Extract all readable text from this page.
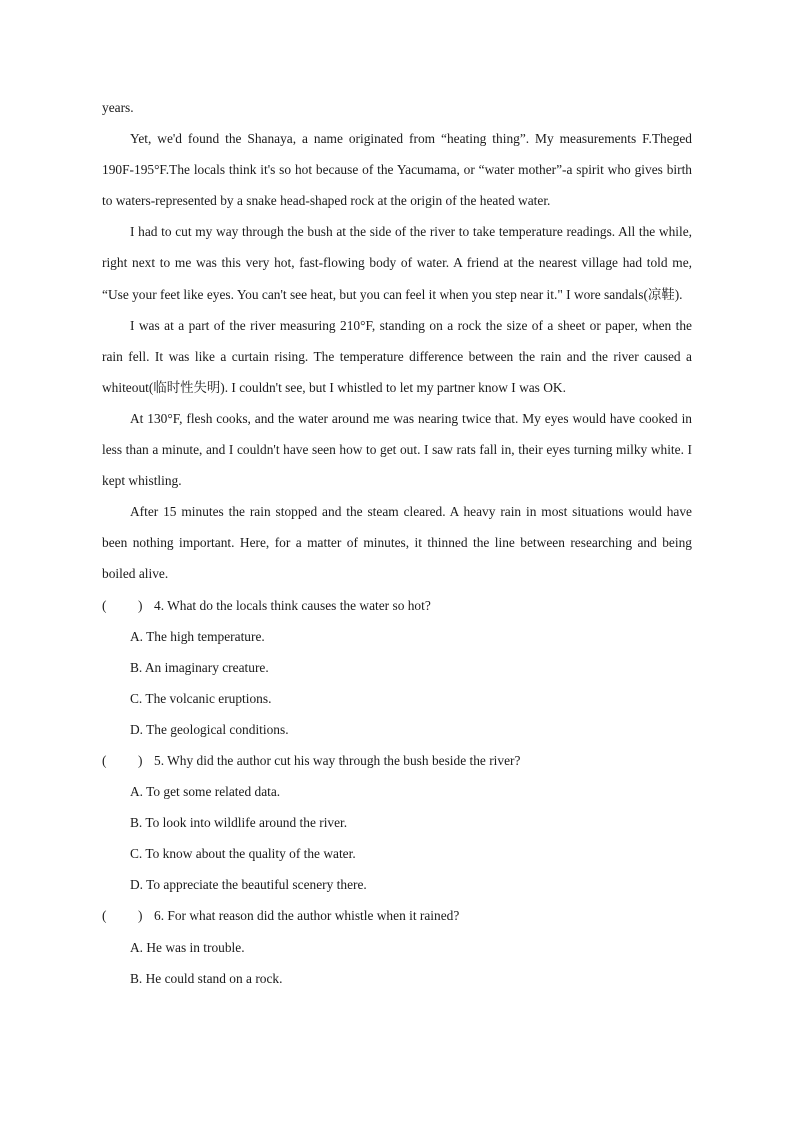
years.

Yet, we'd found the Shanaya, a name originated from “heating thing”. My measurements F.Theged 190F-195°F.The locals think it's so hot because of the Yacumama, or “water mother”-a spirit who gives birth to waters-represented by a snake head-shaped rock at the origin of the heated water.

I had to cut my way through the bush at the side of the river to take temperature readings. All the while, right next to me was this very hot, fast-flowing body of water. A friend at the nearest village had told me, “Use your feet like eyes. You can't see heat, but you can feel it when you step near it." I wore sandals(凉鞋).

I was at a part of the river measuring 210°F, standing on a rock the size of a sheet or paper, when the rain fell. It was like a curtain rising. The temperature difference between the rain and the river caused a whiteout(临时性失明). I couldn't see, but I whistled to let my partner know I was OK.

At 130°F, flesh cooks, and the water around me was nearing twice that. My eyes would have cooked in less than a minute, and I couldn't have seen how to get out. I saw rats fall in, their eyes turning milky white. I kept whistling.

After 15 minutes the rain stopped and the steam cleared. A heavy rain in most situations would have been nothing important. Here, for a matter of minutes, it thinned the line between researching and being boiled alive.

( ) 4. What do the locals think causes the water so hot?

A. The high temperature.

B. An imaginary creature.

C. The volcanic eruptions.

D. The geological conditions.

( ) 5. Why did the author cut his way through the bush beside the river?

A. To get some related data.

B. To look into wildlife around the river.

C. To know about the quality of the water.

D. To appreciate the beautiful scenery there.

( ) 6. For what reason did the author whistle when it rained?

A. He was in trouble.

B. He could stand on a rock.
